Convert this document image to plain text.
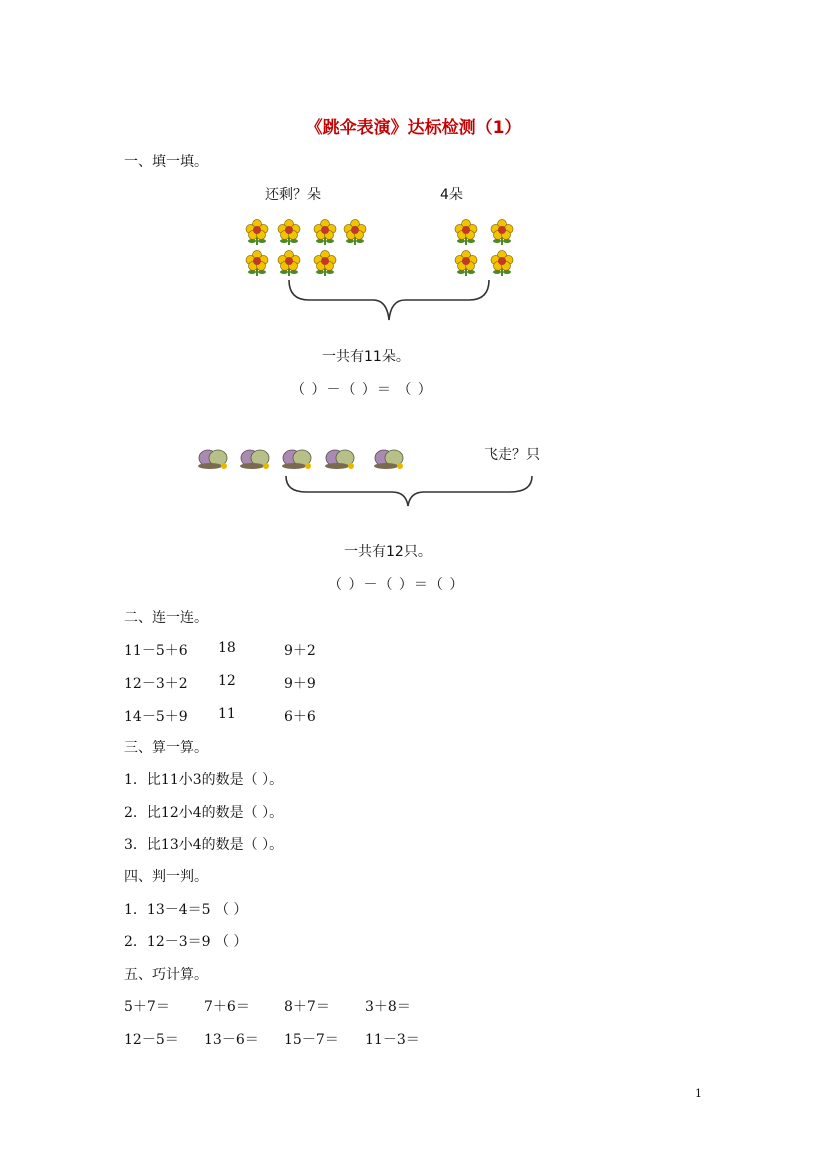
《跳伞表演》达标检测（1）
一、填一填。
还剩？朵	4朵
一共有11朵。
（ ）－（ ）＝ （ ）
飞走？只
一共有12只。
（ ）－（ ）＝（ ）
二、连一连。
11－5＋6 18	9＋2
12－3＋2 12	9＋9
14－5＋9 11	6＋6
三、算一算。
1．比11小3的数是（ ）。
2．比12小4的数是（ ）。
3．比13小4的数是（ ）。
四、判一判。
1．13－4＝5 （ ）
2．12－3＝9 （ ）
五、巧计算。
5＋7＝ 7＋6＝ 8＋7＝	3＋8＝
12－5＝ 13－6＝ 15－7＝ 11－3＝
1
